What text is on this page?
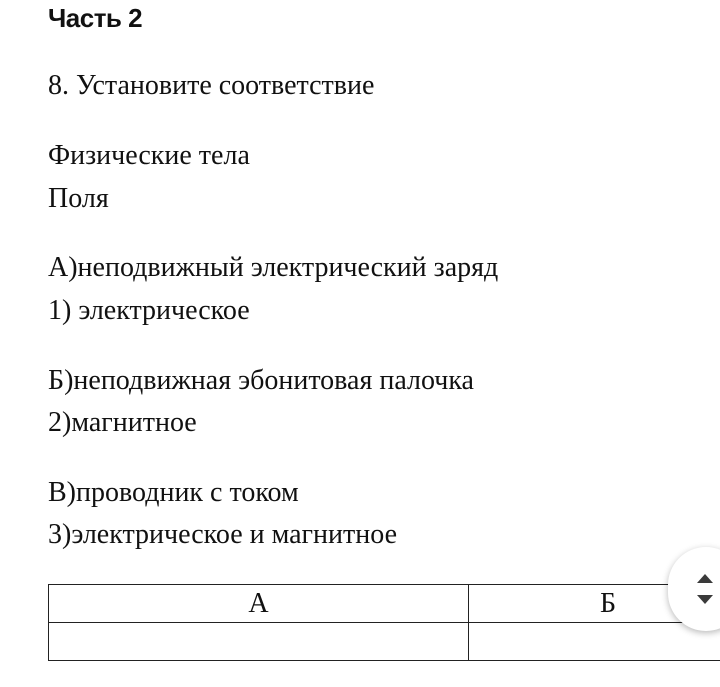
Часть 2
8. Установите соответствие
Физические тела
Поля
А)неподвижный электрический заряд
1) электрическое
Б)неподвижная эбонитовая палочка
2)магнитное
В)проводник с током
3)электрическое и магнитное
А	Б
